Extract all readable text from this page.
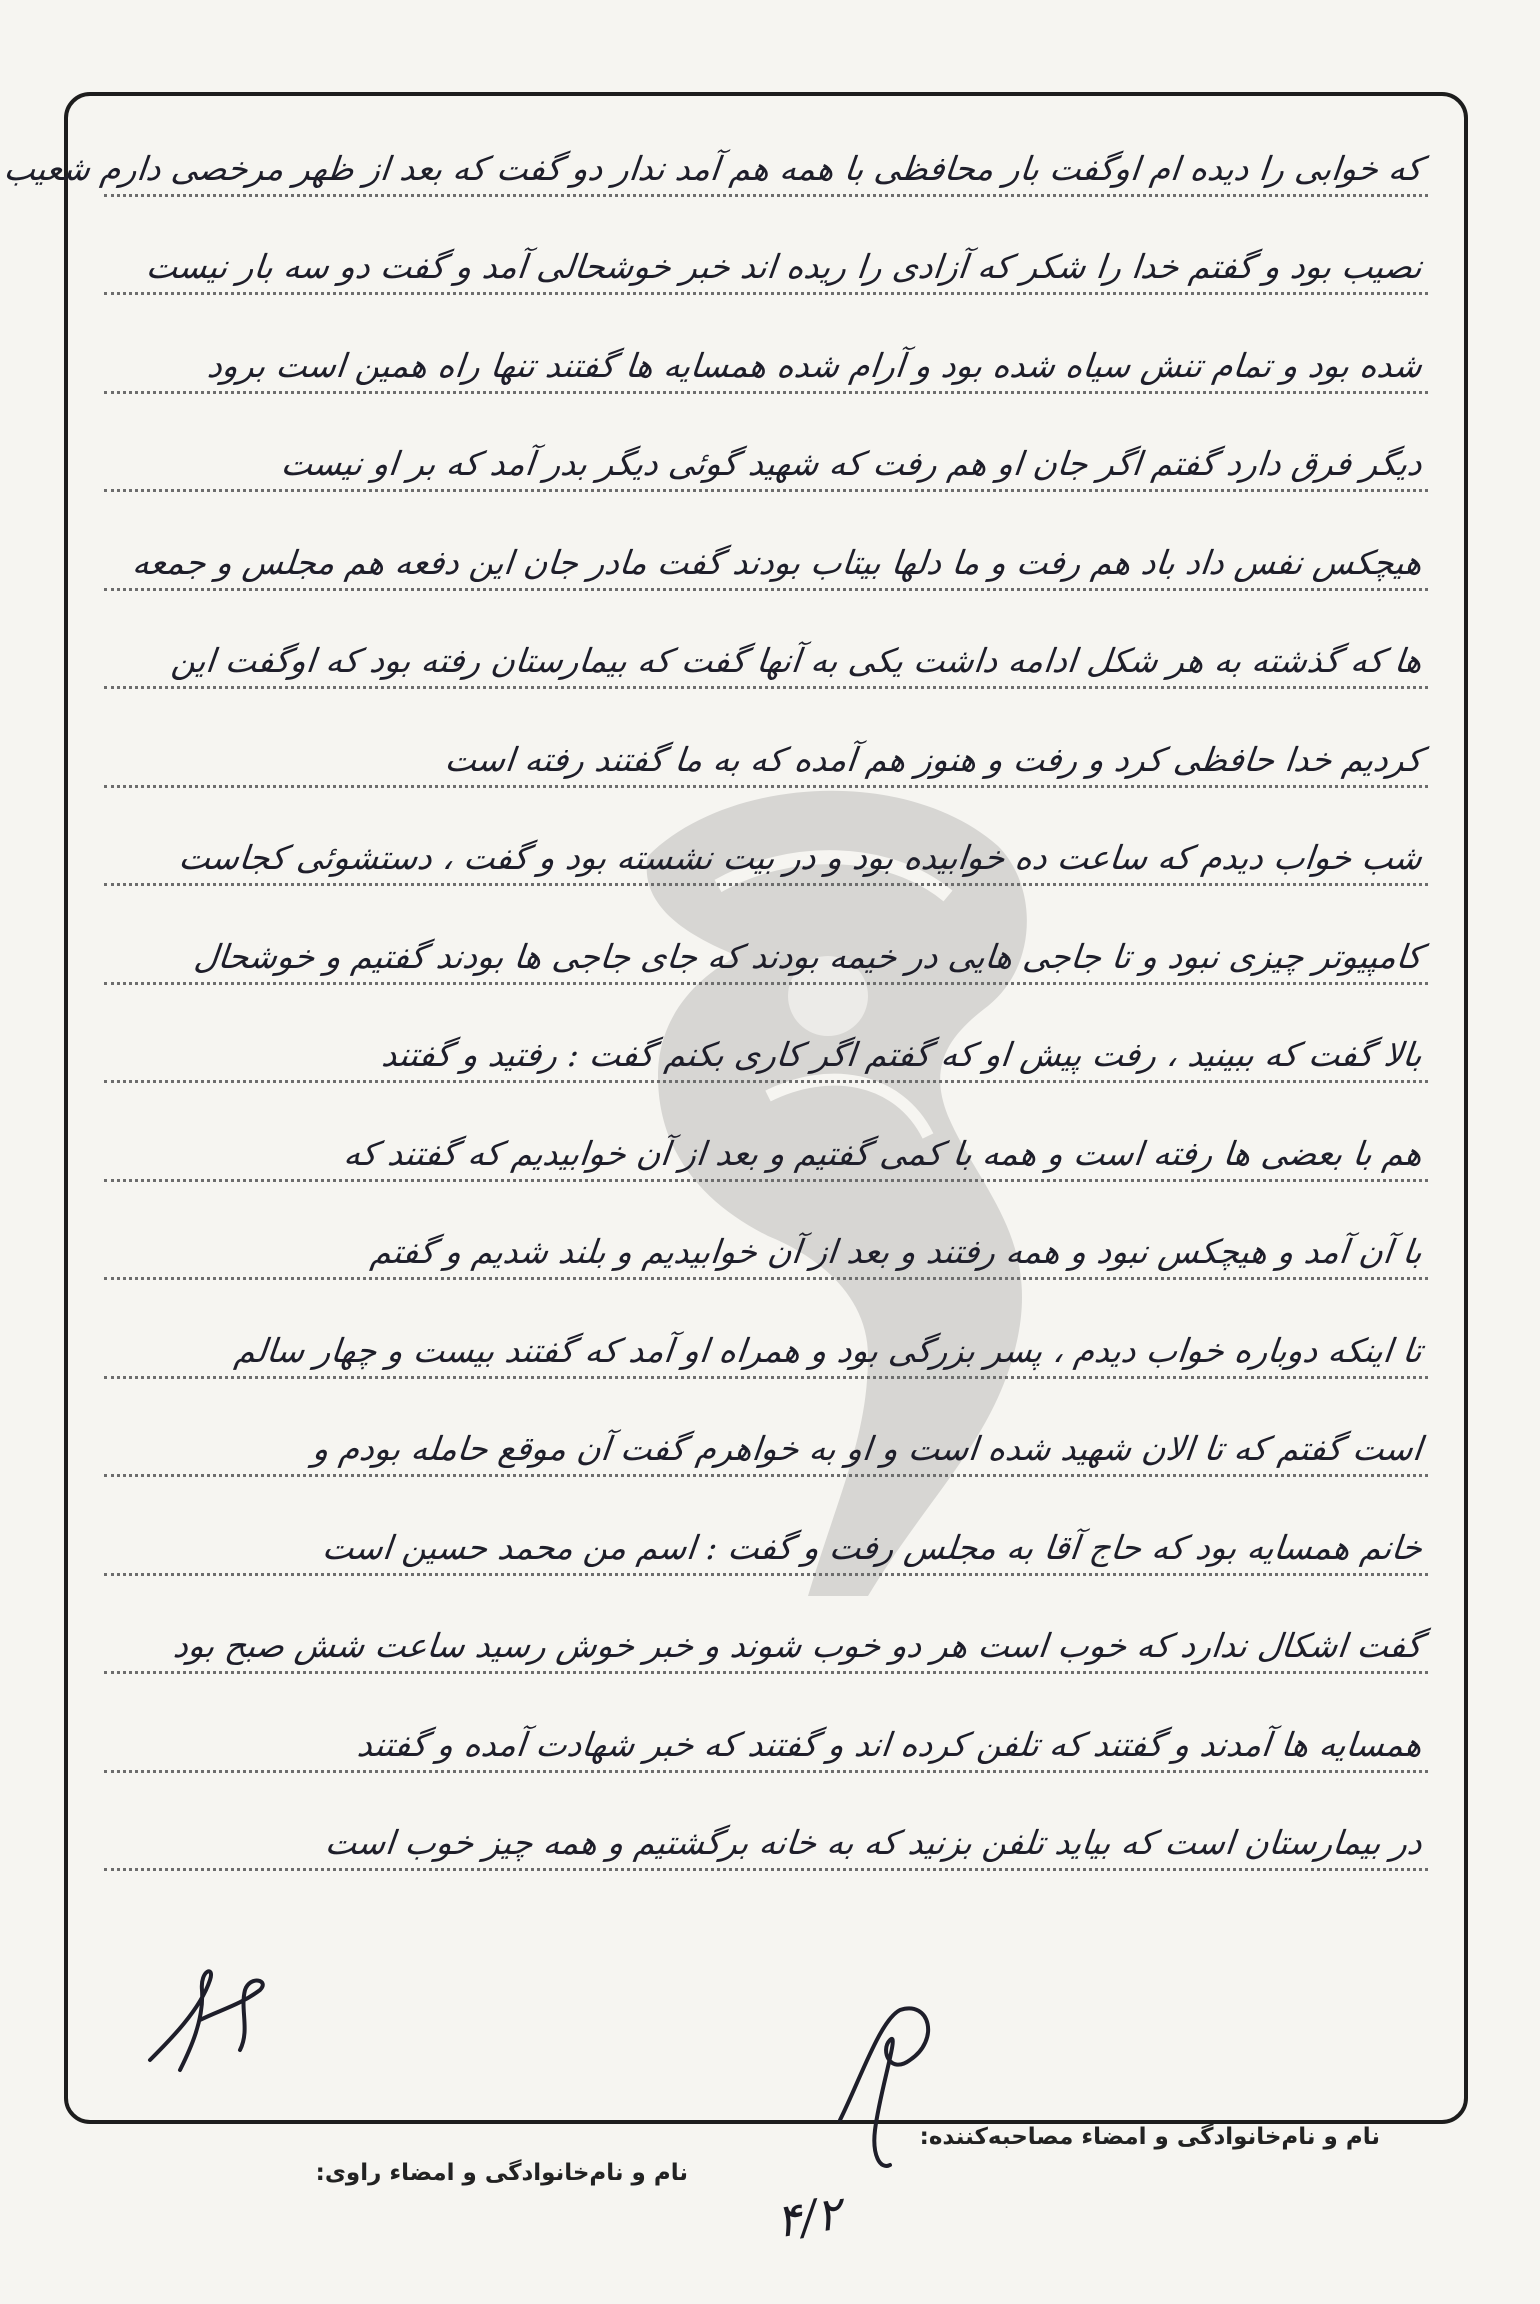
که خوابی را دیده ام اوگفت بار محافظی با همه هم آمد ندار دو گفت که بعد از ظهر مرخصی دارم شعیب
نصیب بود و گفتم خدا را شکر که آزادی را ریده اند خبر خوشحالی آمد و گفت دو سه بار نیست
شده بود و تمام تنش سیاه شده بود و آرام شده همسایه ها گفتند تنها راه همین است برود
دیگر فرق دارد گفتم اگر جان او هم رفت که شهید گوئی دیگر بدر آمد که بر او نیست
هیچکس نفس داد باد هم رفت و ما دلها بیتاب بودند گفت مادر جان این دفعه هم مجلس و جمعه
ها که گذشته به هر شکل ادامه داشت یکی به آنها گفت که بیمارستان رفته بود که اوگفت این
کردیم خدا حافظی کرد و رفت و هنوز هم آمده که به ما گفتند رفته است
شب خواب دیدم که ساعت ده خوابیده بود و در بیت نشسته بود و گفت ، دستشوئی کجاست
کامپیوتر چیزی نبود و تا جاجی هایی در خیمه بودند که جای جاجی ها بودند گفتیم و خوشحال
بالا گفت که ببینید ، رفت پیش او که گفتم اگر کاری بکنم گفت : رفتید و گفتند
هم با بعضی ها رفته است و همه با کمی گفتیم و بعد از آن خوابیدیم که گفتند که
با آن آمد و هیچکس نبود و همه رفتند و بعد از آن خوابیدیم و بلند شدیم و گفتم
تا اینکه دوباره خواب دیدم ، پسر بزرگی بود و همراه او آمد که گفتند بیست و چهار سالم
است گفتم که تا الان شهید شده است و او به خواهرم گفت آن موقع حامله بودم و
خانم همسایه بود که حاج آقا به مجلس رفت و گفت : اسم من محمد حسین است
گفت اشکال ندارد که خوب است هر دو خوب شوند و خبر خوش رسید ساعت شش صبح بود
همسایه ها آمدند و گفتند که تلفن کرده اند و گفتند که خبر شهادت آمده و گفتند
در بیمارستان است که بیاید تلفن بزنید که به خانه برگشتیم و همه چیز خوب است
نام و نام‌خانوادگی و امضاء مصاحبه‌کننده:
نام و نام‌خانوادگی و امضاء راوی:
۴/۲
